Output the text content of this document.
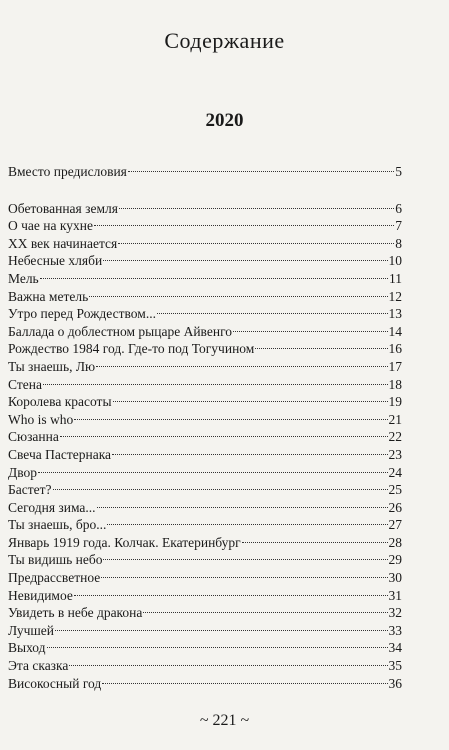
Содержание
2020
Вместо предисловия	5
Обетованная земля	6
О чае на кухне	7
XX век начинается	8
Небесные хляби	10
Мель	11
Важна метель	12
Утро перед Рождеством...	13
Баллада о доблестном рыцаре Айвенго	14
Рождество 1984 год. Где-то под Тогучином	16
Ты знаешь, Лю	17
Стена	18
Королева красоты	19
Who is who	21
Сюзанна	22
Свеча Пастернака	23
Двор	24
Бастет?	25
Сегодня зима...	26
Ты знаешь, бро...	27
Январь 1919 года. Колчак. Екатеринбург	28
Ты видишь небо	29
Предрассветное	30
Невидимое	31
Увидеть в небе дракона	32
Лучшей	33
Выход	34
Эта сказка	35
Високосный год	36
~ 221 ~
